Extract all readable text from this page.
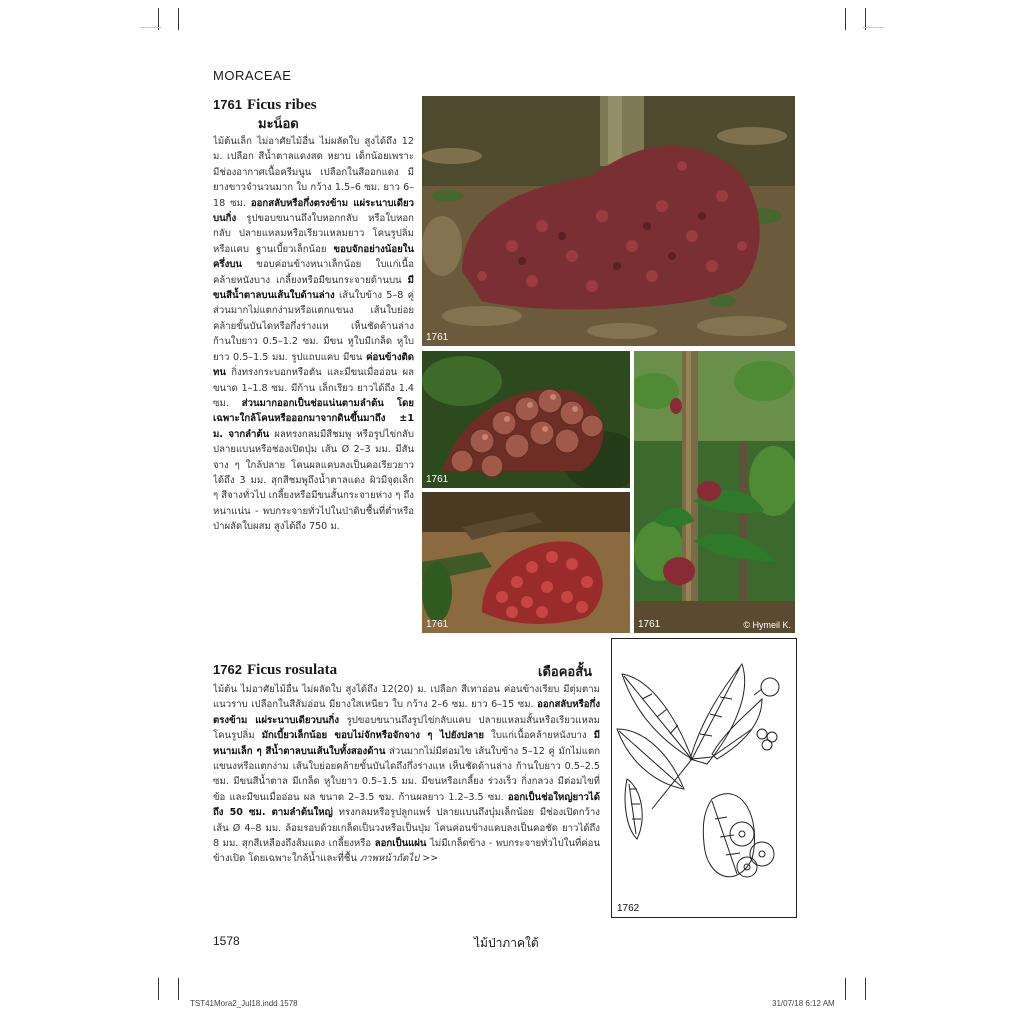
MORACEAE
1761 Ficus ribes
มะน็อด
ไม้ต้นเล็ก ไม่อาศัยไม้อื่น ไม่ผลัดใบ สูงได้ถึง 12 ม. เปลือก สีน้ำตาลแดงสด หยาบ เด็กน้อยเพราะมีช่องอากาศเนื้อครีมนูน เปลือกในสีออกแดง มียางขาวจำนวนมาก ใบ กว้าง 1.5–6 ซม. ยาว 6–18 ซม. ออกสลับหรือกึ่งตรงข้าม แผ่ระนาบเดียวบนกิ่ง รูปขอบขนานถึงใบหอกกลับ หรือใบหอกกลับ ปลายแหลมหรือเรียวแหลมยาว โคนรูปลิ่มหรือแคบ ฐานเบี้ยวเล็กน้อย ขอบจักอย่างน้อยในครึ่งบน ขอบค่อนข้างหนาเล็กน้อย ใบแก่เนื้อคล้ายหนังบาง เกลี้ยงหรือมีขนกระจายด้านบน มีขนสีน้ำตาลบนเส้นใบด้านล่าง เส้นใบข้าง 5–8 คู่ ส่วนมากไม่แตกง่ามหรือแตกแขนง เส้นใบย่อยคล้ายขั้นบันไดหรือกึ่งร่างแห เห็นชัดด้านล่าง ก้านใบยาว 0.5–1.2 ซม. มีขน หูใบมีเกล็ด หูใบยาว 0.5–1.5 มม. รูปแถบแคบ มีขน ค่อนข้างติดทน กิ่งทรงกระบอกหรือตัน และมีขนเมื่ออ่อน ผล ขนาด 1–1.8 ซม. มีก้าน เล็กเรียว ยาวได้ถึง 1.4 ซม. ส่วนมากออกเป็นช่อแน่นตามลำต้น โดยเฉพาะใกล้โคนหรือออกมาจากดินขึ้นมาถึง ±1 ม. จากลำต้น ผลทรงกลมมีสีชมพู หรือรูปไข่กลับ ปลายแบนหรือช่องเปิดปุ่ม เส้น Ø 2–3 มม. มีสันจาง ๆ ใกล้ปลาย โคนผลแคบลงเป็นคอเรียวยาวได้ถึง 3 มม. สุกสีชมพูถึงน้ำตาลแดง ผิวมีจุดเล็ก ๆ สีจางทั่วไป เกลี้ยงหรือมีขนสั้นกระจายห่าง ๆ ถึงหนาแน่น - พบกระจายทั่วไปในป่าดิบชื้นที่ต่ำหรือป่าผลัดใบผสม สูงได้ถึง 750 ม.
1761
1761
1761	1761	© Hymeil K.
1762 Ficus rosulata	เดือคอสั้น
ไม้ต้น ไม่อาศัยไม้อื่น ไม่ผลัดใบ สูงได้ถึง 12(20) ม. เปลือก สีเทาอ่อน ค่อนข้างเรียบ มีตุ่มตามแนวราบ เปลือกในสีส้มอ่อน มียางใสเหนียว ใบ กว้าง 2–6 ซม. ยาว 6–15 ซม. ออกสลับหรือกึ่งตรงข้าม แผ่ระนาบเดียวบนกิ่ง รูปขอบขนานถึงรูปไข่กลับแคบ ปลายแหลมสั้นหรือเรียวแหลม โคนรูปลิ่ม มักเบี้ยวเล็กน้อย ขอบไม่จักหรือจักจาง ๆ ไปยังปลาย ใบแก่เนื้อคล้ายหนังบาง มีหนามเล็ก ๆ สีน้ำตาลบนเส้นใบทั้งสองด้าน ส่วนมากไม่มีต่อมไข เส้นใบข้าง 5–12 คู่ มักไม่แตกแขนงหรือแตกง่าม เส้นใบย่อยคล้ายขั้นบันไดถึงกึ่งร่างแห เห็นชัดด้านล่าง ก้านใบยาว 0.5–2.5 ซม. มีขนสีน้ำตาล มีเกล็ด หูใบยาว 0.5–1.5 มม. มีขนหรือเกลี้ยง ร่วงเร็ว กิ่งกลวง มีต่อมไขที่ข้อ และมีขนเมื่ออ่อน ผล ขนาด 2–3.5 ซม. ก้านผลยาว 1.2–3.5 ซม. ออกเป็นช่อใหญ่ยาวได้ถึง 50 ซม. ตามลำต้นใหญ่ ทรงกลมหรือรูปลูกแพร์ ปลายแบนถึงบุ๋มเล็กน้อย มีช่องเปิดกว้าง เส้น Ø 4–8 มม. ล้อมรอบด้วยเกล็ดเป็นวงหรือเป็นปุ่ม โคนค่อนข้างแคบลงเป็นคอชัด ยาวได้ถึง 8 มม. สุกสีเหลืองถึงส้มแดง เกลี้ยงหรือ ลอกเป็นแผ่น ไม่มีเกล็ดข้าง - พบกระจายทั่วไปในที่ค่อนข้างเปิด โดยเฉพาะใกล้น้ำและที่ชื้น ภาพหน้าถัดไป >>
1762
1578	ไม้ป่าภาคใต้
TST41Mora2_Jul18.indd 1578	31/07/18 6:12 AM
